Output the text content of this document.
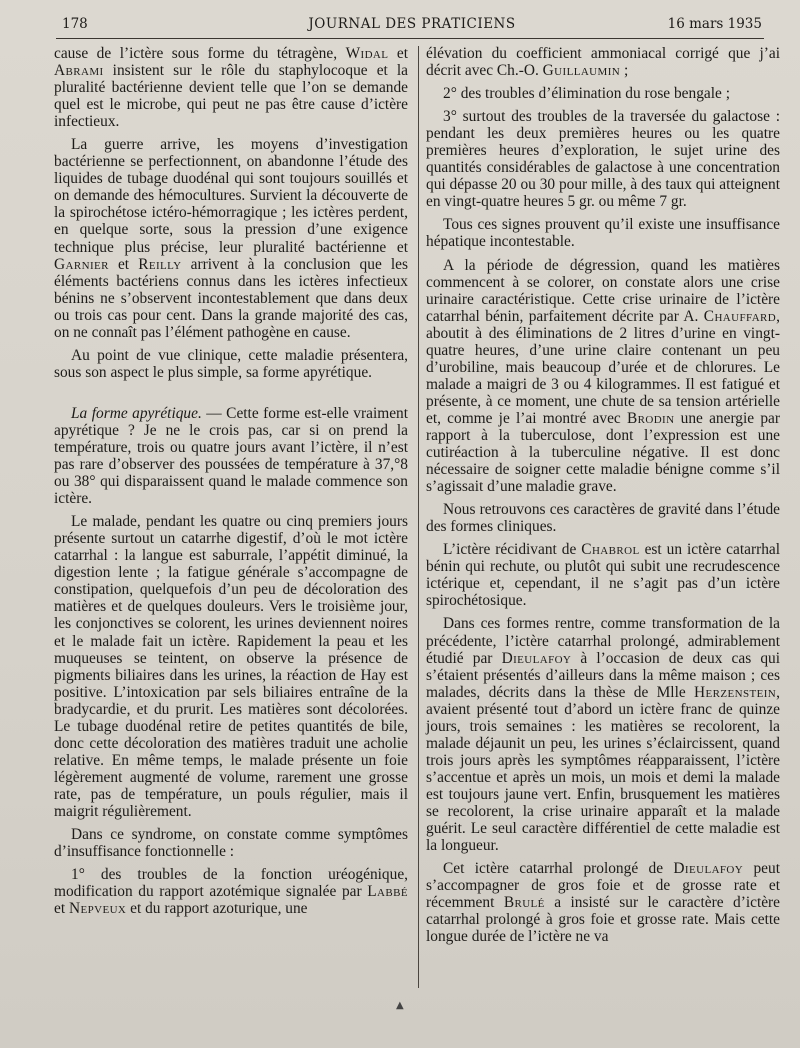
178	JOURNAL DES PRATICIENS	16 mars 1935

cause de l’ictère sous forme du tétragène, Widal et Abrami insistent sur le rôle du staphylocoque et la pluralité bactérienne devient telle que l’on se demande quel est le microbe, qui peut ne pas être cause d’ictère infectieux.

La guerre arrive, les moyens d’investigation bactérienne se perfectionnent, on abandonne l’étude des liquides de tubage duodénal qui sont toujours souillés et on demande des hémocultures. Survient la découverte de la spirochétose ictéro-hémorragique ; les ictères perdent, en quelque sorte, sous la pression d’une exigence technique plus précise, leur pluralité bactérienne et Garnier et Reilly arrivent à la conclusion que les éléments bactériens connus dans les ictères infectieux bénins ne s’observent incontestablement que dans deux ou trois cas pour cent. Dans la grande majorité des cas, on ne connaît pas l’élément pathogène en cause.

Au point de vue clinique, cette maladie présentera, sous son aspect le plus simple, sa forme apyrétique.

La forme apyrétique. — Cette forme est-elle vraiment apyrétique ? Je ne le crois pas, car si on prend la température, trois ou quatre jours avant l’ictère, il n’est pas rare d’observer des poussées de température à 37,°8 ou 38° qui disparaissent quand le malade commence son ictère.

Le malade, pendant les quatre ou cinq premiers jours présente surtout un catarrhe digestif, d’où le mot ictère catarrhal : la langue est saburrale, l’appétit diminué, la digestion lente ; la fatigue générale s’accompagne de constipation, quelquefois d’un peu de décoloration des matières et de quelques douleurs. Vers le troisième jour, les conjonctives se colorent, les urines deviennent noires et le malade fait un ictère. Rapidement la peau et les muqueuses se teintent, on observe la présence de pigments biliaires dans les urines, la réaction de Hay est positive. L’intoxication par sels biliaires entraîne de la bradycardie, et du prurit. Les matières sont décolorées. Le tubage duodénal retire de petites quantités de bile, donc cette décoloration des matières traduit une acholie relative. En même temps, le malade présente un foie légèrement augmenté de volume, rarement une grosse rate, pas de température, un pouls régulier, mais il maigrit régulièrement.

Dans ce syndrome, on constate comme symptômes d’insuffisance fonctionnelle :

1° des troubles de la fonction uréogénique, modification du rapport azotémique signalée par Labbé et Nepveux et du rapport azoturique, une

élévation du coefficient ammoniacal corrigé que j’ai décrit avec Ch.-O. Guillaumin ;

2° des troubles d’élimination du rose bengale ;

3° surtout des troubles de la traversée du galactose : pendant les deux premières heures ou les quatre premières heures d’exploration, le sujet urine des quantités considérables de galactose à une concentration qui dépasse 20 ou 30 pour mille, à des taux qui atteignent en vingt-quatre heures 5 gr. ou même 7 gr.

Tous ces signes prouvent qu’il existe une insuffisance hépatique incontestable.

A la période de dégression, quand les matières commencent à se colorer, on constate alors une crise urinaire caractéristique. Cette crise urinaire de l’ictère catarrhal bénin, parfaitement décrite par A. Chauffard, aboutit à des éliminations de 2 litres d’urine en vingt-quatre heures, d’une urine claire contenant un peu d’urobiline, mais beaucoup d’urée et de chlorures. Le malade a maigri de 3 ou 4 kilogrammes. Il est fatigué et présente, à ce moment, une chute de sa tension artérielle et, comme je l’ai montré avec Brodin une anergie par rapport à la tuberculose, dont l’expression est une cutiréaction à la tuberculine négative. Il est donc nécessaire de soigner cette maladie bénigne comme s’il s’agissait d’une maladie grave.

Nous retrouvons ces caractères de gravité dans l’étude des formes cliniques.

L’ictère récidivant de Chabrol est un ictère catarrhal bénin qui rechute, ou plutôt qui subit une recrudescence ictérique et, cependant, il ne s’agit pas d’un ictère spirochétosique.

Dans ces formes rentre, comme transformation de la précédente, l’ictère catarrhal prolongé, admirablement étudié par Dieulafoy à l’occasion de deux cas qui s’étaient présentés d’ailleurs dans la même maison ; ces malades, décrits dans la thèse de Mlle Herzenstein, avaient présenté tout d’abord un ictère franc de quinze jours, trois semaines : les matières se recolorent, la malade déjaunit un peu, les urines s’éclaircissent, quand trois jours après les symptômes réapparaissent, l’ictère s’accentue et après un mois, un mois et demi la malade est toujours jaune vert. Enfin, brusquement les matières se recolorent, la crise urinaire apparaît et la malade guérit. Le seul caractère différentiel de cette maladie est la longueur.

Cet ictère catarrhal prolongé de Dieulafoy peut s’accompagner de gros foie et de grosse rate et récemment Brulé a insisté sur le caractère d’ictère catarrhal prolongé à gros foie et grosse rate. Mais cette longue durée de l’ictère ne va

▲
